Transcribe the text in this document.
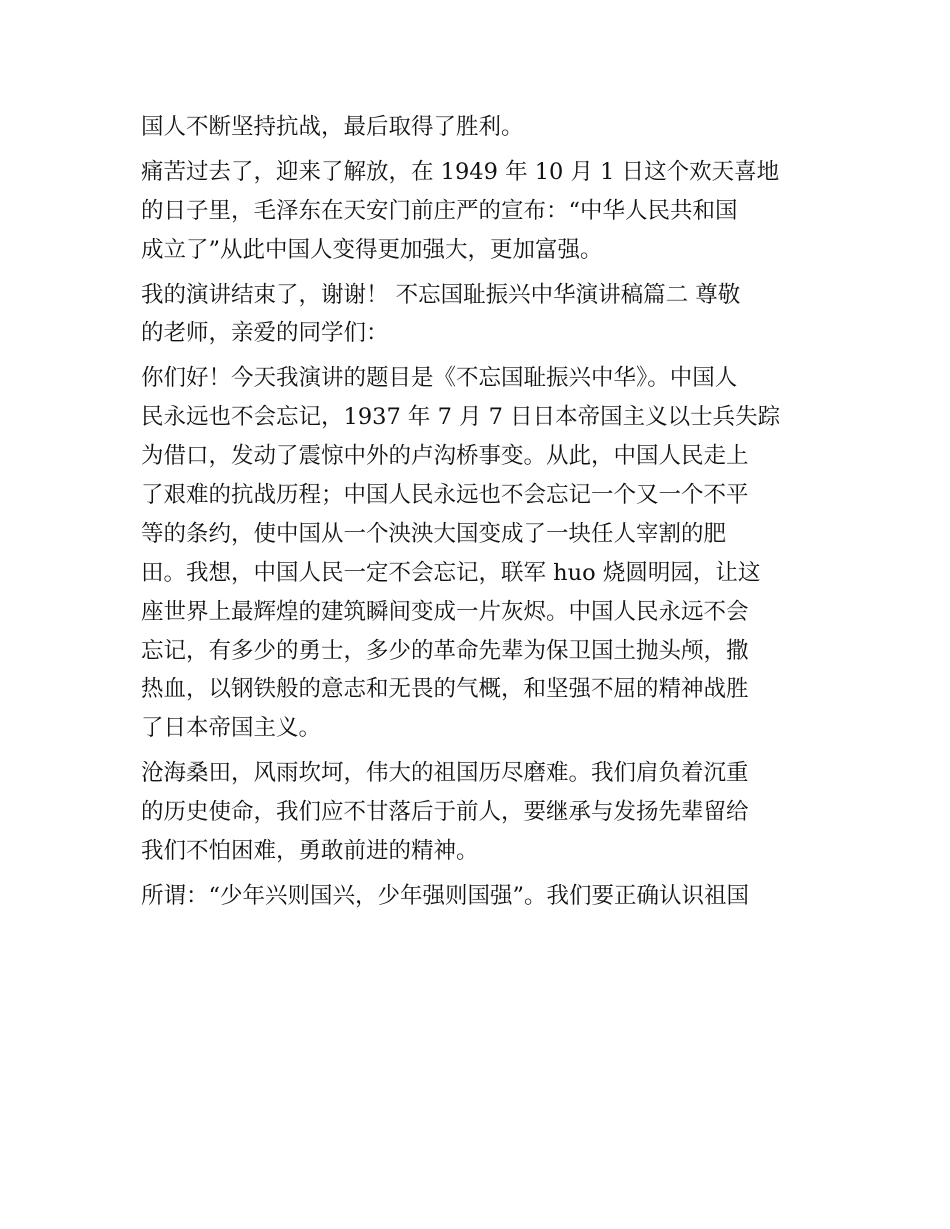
国人不断坚持抗战，最后取得了胜利。
痛苦过去了，迎来了解放，在 1949 年 10 月 1 日这个欢天喜地
的日子里，毛泽东在天安门前庄严的宣布：“中华人民共和国
成立了”从此中国人变得更加强大，更加富强。
我的演讲结束了，谢谢！ 不忘国耻振兴中华演讲稿篇二 尊敬
的老师，亲爱的同学们：
你们好！今天我演讲的题目是《不忘国耻振兴中华》。中国人
民永远也不会忘记，1937 年 7 月 7 日日本帝国主义以士兵失踪
为借口，发动了震惊中外的卢沟桥事变。从此，中国人民走上
了艰难的抗战历程；中国人民永远也不会忘记一个又一个不平
等的条约，使中国从一个泱泱大国变成了一块任人宰割的肥
田。我想，中国人民一定不会忘记，联军 huo 烧圆明园，让这
座世界上最辉煌的建筑瞬间变成一片灰烬。中国人民永远不会
忘记，有多少的勇士，多少的革命先辈为保卫国土抛头颅，撒
热血，以钢铁般的意志和无畏的气概，和坚强不屈的精神战胜
了日本帝国主义。
沧海桑田，风雨坎坷，伟大的祖国历尽磨难。我们肩负着沉重
的历史使命，我们应不甘落后于前人，要继承与发扬先辈留给
我们不怕困难，勇敢前进的精神。
所谓：“少年兴则国兴，少年强则国强”。我们要正确认识祖国
